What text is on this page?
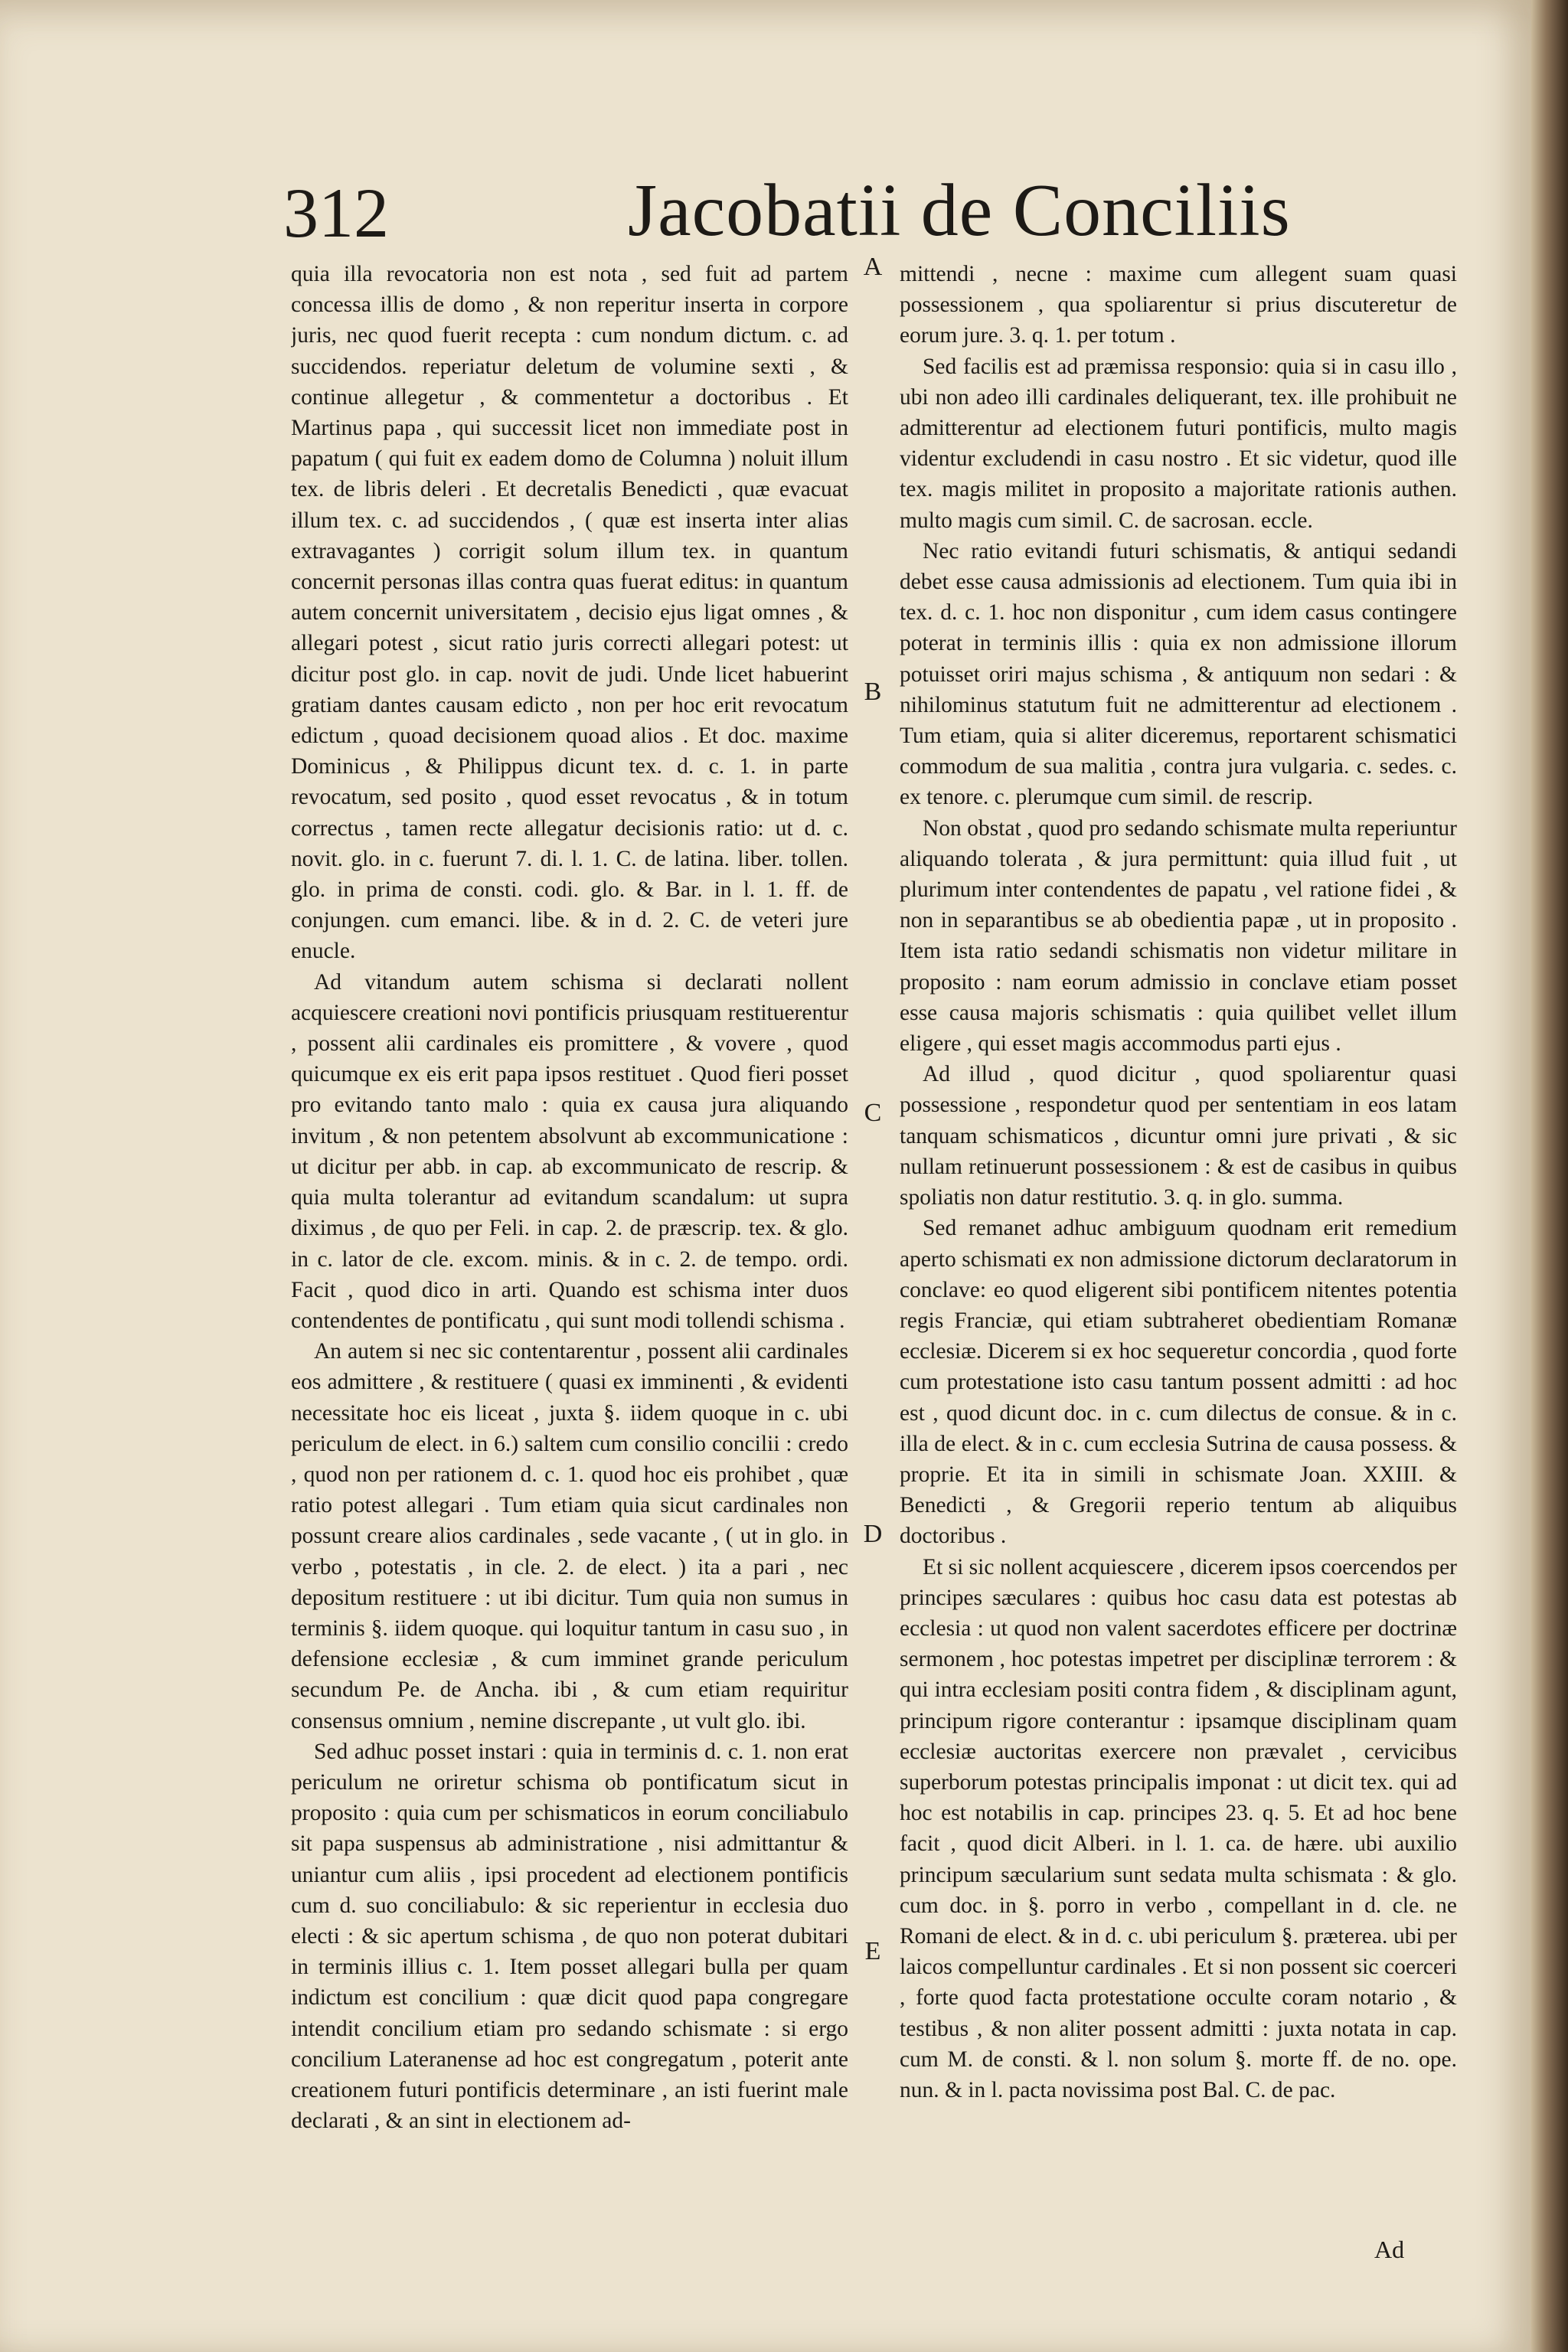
312	Jacobatii de Conciliis

quia illa revocatoria non est nota , sed fuit ad partem concessa illis de domo , & non reperitur inserta in corpore juris, nec quod fuerit recepta : cum nondum dictum. c. ad succidendos. reperiatur deletum de volumine sexti , & continue allegetur , & commentetur a doctoribus . Et Martinus papa , qui successit licet non immediate post in papatum ( qui fuit ex eadem domo de Columna ) noluit illum tex. de libris deleri . Et decretalis Benedicti , quæ evacuat illum tex. c. ad succidendos , ( quæ est inserta inter alias extravagantes ) corrigit solum illum tex. in quantum concernit personas illas contra quas fuerat editus: in quantum autem concernit universitatem , decisio ejus ligat omnes , & allegari potest , sicut ratio juris correcti allegari potest: ut dicitur post glo. in cap. novit de judi. Unde licet habuerint gratiam dantes causam edicto , non per hoc erit revocatum edictum , quoad decisionem quoad alios . Et doc. maxime Dominicus , & Philippus dicunt tex. d. c. 1. in parte revocatum, sed posito , quod esset revocatus , & in totum correctus , tamen recte allegatur decisionis ratio: ut d. c. novit. glo. in c. fuerunt 7. di. l. 1. C. de latina. liber. tollen. glo. in prima de consti. codi. glo. & Bar. in l. 1. ff. de conjungen. cum emanci. libe. & in d. 2. C. de veteri jure enucle.

Ad vitandum autem schisma si declarati nollent acquiescere creationi novi pontificis priusquam restituerentur , possent alii cardinales eis promittere , & vovere , quod quicumque ex eis erit papa ipsos restituet . Quod fieri posset pro evitando tanto malo : quia ex causa jura aliquando invitum , & non petentem absolvunt ab excommunicatione : ut dicitur per abb. in cap. ab excommunicato de rescrip. & quia multa tolerantur ad evitandum scandalum: ut supra diximus , de quo per Feli. in cap. 2. de præscrip. tex. & glo. in c. lator de cle. excom. minis. & in c. 2. de tempo. ordi. Facit , quod dico in arti. Quando est schisma inter duos contendentes de pontificatu , qui sunt modi tollendi schisma .

An autem si nec sic contentarentur , possent alii cardinales eos admittere , & restituere ( quasi ex imminenti , & evidenti necessitate hoc eis liceat , juxta §. iidem quoque in c. ubi periculum de elect. in 6.) saltem cum consilio concilii : credo , quod non per rationem d. c. 1. quod hoc eis prohibet , quæ ratio potest allegari . Tum etiam quia sicut cardinales non possunt creare alios cardinales , sede vacante , ( ut in glo. in verbo , potestatis , in cle. 2. de elect. ) ita a pari , nec depositum restituere : ut ibi dicitur. Tum quia non sumus in terminis §. iidem quoque. qui loquitur tantum in casu suo , in defensione ecclesiæ , & cum imminet grande periculum secundum Pe. de Ancha. ibi , & cum etiam requiritur consensus omnium , nemine discrepante , ut vult glo. ibi.

Sed adhuc posset instari : quia in terminis d. c. 1. non erat periculum ne oriretur schisma ob pontificatum sicut in proposito : quia cum per schismaticos in eorum conciliabulo sit papa suspensus ab administratione , nisi admittantur & uniantur cum aliis , ipsi procedent ad electionem pontificis cum d. suo conciliabulo: & sic reperientur in ecclesia duo electi : & sic apertum schisma , de quo non poterat dubitari in terminis illius c. 1. Item posset allegari bulla per quam indictum est concilium : quæ dicit quod papa congregare intendit concilium etiam pro sedando schismate : si ergo concilium Lateranense ad hoc est congregatum , poterit ante creationem futuri pontificis determinare , an isti fuerint male declarati , & an sint in electionem ad-

A
B
C
D
E

mittendi , necne : maxime cum allegent suam quasi possessionem , qua spoliarentur si prius discuteretur de eorum jure. 3. q. 1. per totum .

Sed facilis est ad præmissa responsio: quia si in casu illo , ubi non adeo illi cardinales deliquerant, tex. ille prohibuit ne admitterentur ad electionem futuri pontificis, multo magis videntur excludendi in casu nostro . Et sic videtur, quod ille tex. magis militet in proposito a majoritate rationis authen. multo magis cum simil. C. de sacrosan. eccle.

Nec ratio evitandi futuri schismatis, & antiqui sedandi debet esse causa admissionis ad electionem. Tum quia ibi in tex. d. c. 1. hoc non disponitur , cum idem casus contingere poterat in terminis illis : quia ex non admissione illorum potuisset oriri majus schisma , & antiquum non sedari : & nihilominus statutum fuit ne admitterentur ad electionem . Tum etiam, quia si aliter diceremus, reportarent schismatici commodum de sua malitia , contra jura vulgaria. c. sedes. c. ex tenore. c. plerumque cum simil. de rescrip.

Non obstat , quod pro sedando schismate multa reperiuntur aliquando tolerata , & jura permittunt: quia illud fuit , ut plurimum inter contendentes de papatu , vel ratione fidei , & non in separantibus se ab obedientia papæ , ut in proposito . Item ista ratio sedandi schismatis non videtur militare in proposito : nam eorum admissio in conclave etiam posset esse causa majoris schismatis : quia quilibet vellet illum eligere , qui esset magis accommodus parti ejus .

Ad illud , quod dicitur , quod spoliarentur quasi possessione , respondetur quod per sententiam in eos latam tanquam schismaticos , dicuntur omni jure privati , & sic nullam retinuerunt possessionem : & est de casibus in quibus spoliatis non datur restitutio. 3. q. in glo. summa.

Sed remanet adhuc ambiguum quodnam erit remedium aperto schismati ex non admissione dictorum declaratorum in conclave: eo quod eligerent sibi pontificem nitentes potentia regis Franciæ, qui etiam subtraheret obedientiam Romanæ ecclesiæ. Dicerem si ex hoc sequeretur concordia , quod forte cum protestatione isto casu tantum possent admitti : ad hoc est , quod dicunt doc. in c. cum dilectus de consue. & in c. illa de elect. & in c. cum ecclesia Sutrina de causa possess. & proprie. Et ita in simili in schismate Joan. XXIII. & Benedicti , & Gregorii reperio tentum ab aliquibus doctoribus .

Et si sic nollent acquiescere , dicerem ipsos coercendos per principes sæculares : quibus hoc casu data est potestas ab ecclesia : ut quod non valent sacerdotes efficere per doctrinæ sermonem , hoc potestas impetret per disciplinæ terrorem : & qui intra ecclesiam positi contra fidem , & disciplinam agunt, principum rigore conterantur : ipsamque disciplinam quam ecclesiæ auctoritas exercere non prævalet , cervicibus superborum potestas principalis imponat : ut dicit tex. qui ad hoc est notabilis in cap. principes 23. q. 5. Et ad hoc bene facit , quod dicit Alberi. in l. 1. ca. de hære. ubi auxilio principum sæcularium sunt sedata multa schismata : & glo. cum doc. in §. porro in verbo , compellant in d. cle. ne Romani de elect. & in d. c. ubi periculum §. præterea. ubi per laicos compelluntur cardinales . Et si non possent sic coerceri , forte quod facta protestatione occulte coram notario , & testibus , & non aliter possent admitti : juxta notata in cap. cum M. de consti. & l. non solum §. morte ff. de no. ope. nun. & in l. pacta novissima post Bal. C. de pac.

Ad
